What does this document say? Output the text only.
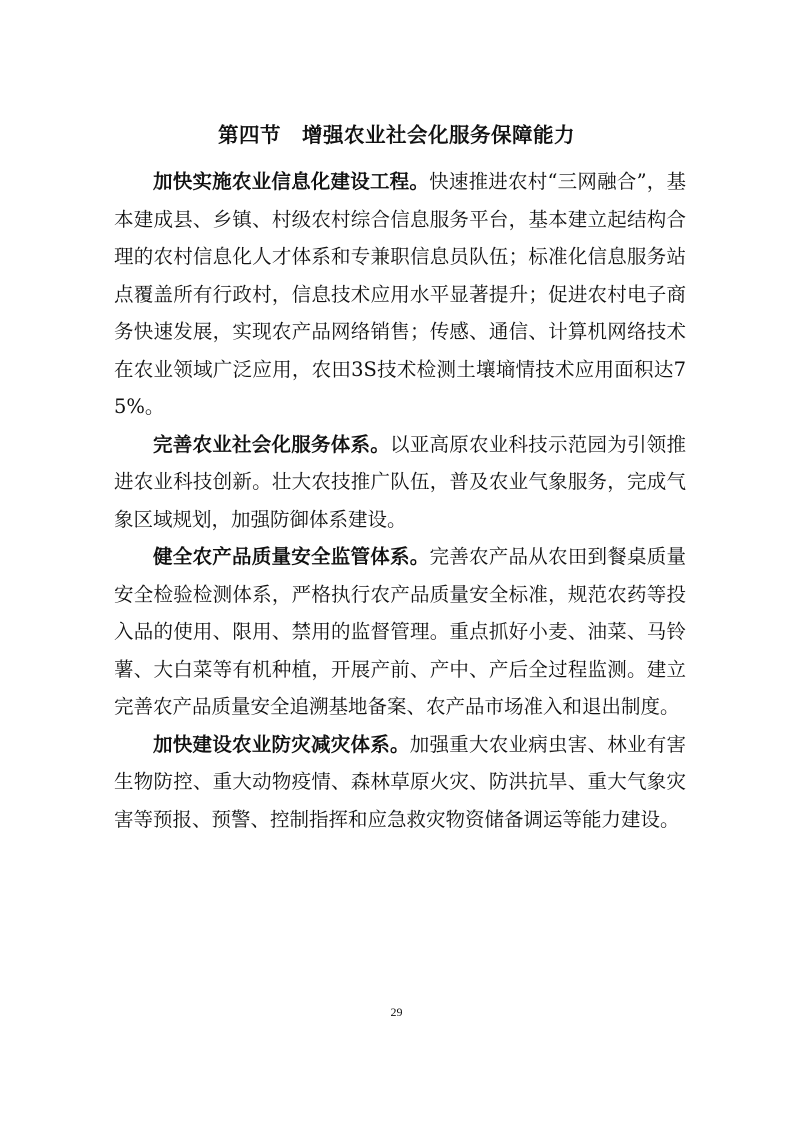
第四节　增强农业社会化服务保障能力

加快实施农业信息化建设工程。快速推进农村“三网融合”，基本建成县、乡镇、村级农村综合信息服务平台，基本建立起结构合理的农村信息化人才体系和专兼职信息员队伍；标准化信息服务站点覆盖所有行政村，信息技术应用水平显著提升；促进农村电子商务快速发展，实现农产品网络销售；传感、通信、计算机网络技术在农业领域广泛应用，农田3S技术检测土壤墒情技术应用面积达75%。

完善农业社会化服务体系。以亚高原农业科技示范园为引领推进农业科技创新。壮大农技推广队伍，普及农业气象服务，完成气象区域规划，加强防御体系建设。

健全农产品质量安全监管体系。完善农产品从农田到餐桌质量安全检验检测体系，严格执行农产品质量安全标准，规范农药等投入品的使用、限用、禁用的监督管理。重点抓好小麦、油菜、马铃薯、大白菜等有机种植，开展产前、产中、产后全过程监测。建立完善农产品质量安全追溯基地备案、农产品市场准入和退出制度。

加快建设农业防灾减灾体系。加强重大农业病虫害、林业有害生物防控、重大动物疫情、森林草原火灾、防洪抗旱、重大气象灾害等预报、预警、控制指挥和应急救灾物资储备调运等能力建设。

29
